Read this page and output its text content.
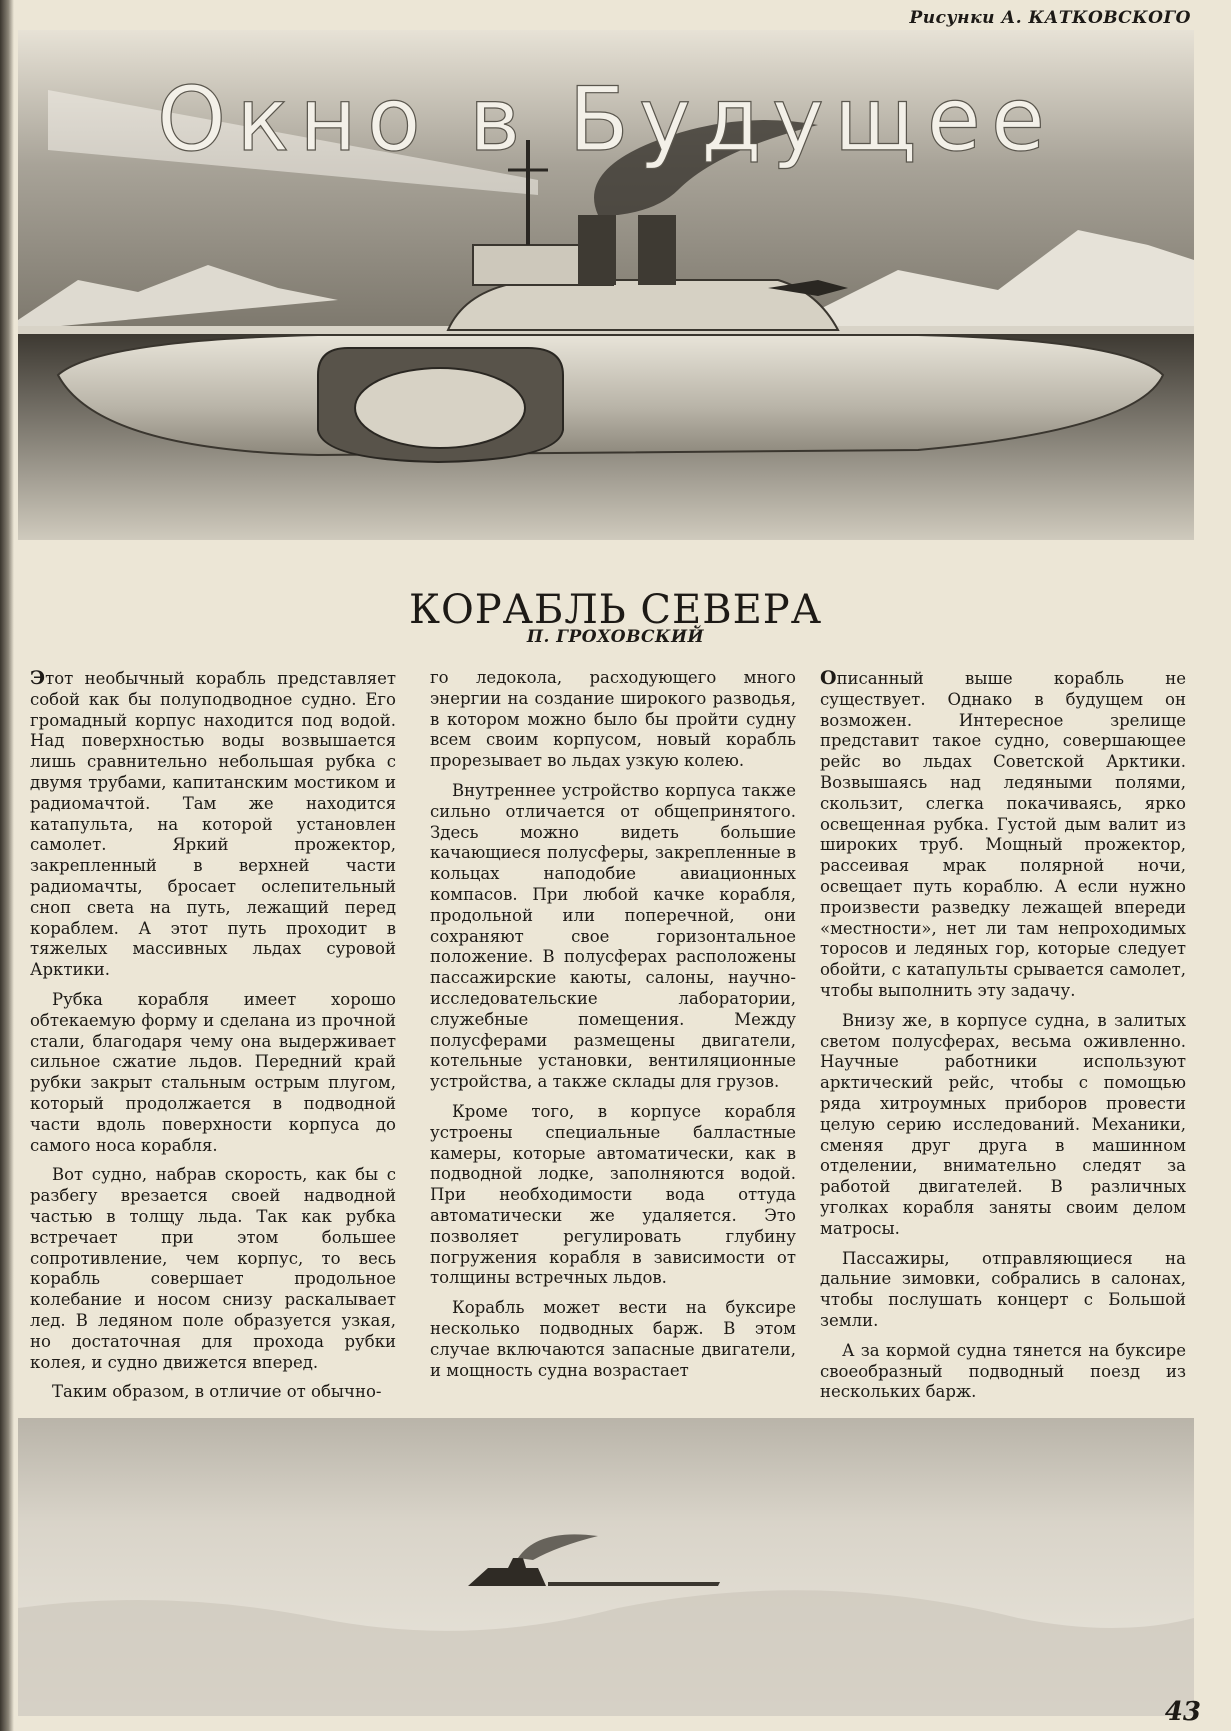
Рисунки А. КАТКОВСКОГО
Окно в Будущее
КОРАБЛЬ СЕВЕРА
П. ГРОХОВСКИЙ

Этот необычный корабль представляет собой как бы полуподводное судно. Его громадный корпус находится под водой. Над поверхностью воды возвышается лишь сравнительно небольшая рубка с двумя трубами, капитанским мостиком и радиомачтой. Там же находится катапульта, на которой установлен самолет. Яркий прожектор, закрепленный в верхней части радиомачты, бросает ослепительный сноп света на путь, лежащий перед кораблем. А этот путь проходит в тяжелых массивных льдах суровой Арктики.

Рубка корабля имеет хорошо обтекаемую форму и сделана из прочной стали, благодаря чему она выдерживает сильное сжатие льдов. Передний край рубки закрыт стальным острым плугом, который продолжается в подводной части вдоль поверхности корпуса до самого носа корабля.

Вот судно, набрав скорость, как бы с разбегу врезается своей надводной частью в толщу льда. Так как рубка встречает при этом большее сопротивление, чем корпус, то весь корабль совершает продольное колебание и носом снизу раскалывает лед. В ледяном поле образуется узкая, но достаточная для прохода рубки колея, и судно движется вперед.

Таким образом, в отличие от обычно-

го ледокола, расходующего много энергии на создание широкого разводья, в котором можно было бы пройти судну всем своим корпусом, новый корабль прорезывает во льдах узкую колею.

Внутреннее устройство корпуса также сильно отличается от общепринятого. Здесь можно видеть большие качающиеся полусферы, закрепленные в кольцах наподобие авиационных компасов. При любой качке корабля, продольной или поперечной, они сохраняют свое горизонтальное положение. В полусферах расположены пассажирские каюты, салоны, научно-исследовательские лаборатории, служебные помещения. Между полусферами размещены двигатели, котельные установки, вентиляционные устройства, а также склады для грузов.

Кроме того, в корпусе корабля устроены специальные балластные камеры, которые автоматически, как в подводной лодке, заполняются водой. При необходимости вода оттуда автоматически же удаляется. Это позволяет регулировать глубину погружения корабля в зависимости от толщины встречных льдов.

Корабль может вести на буксире несколько подводных барж. В этом случае включаются запасные двигатели, и мощность судна возрастает

Описанный выше корабль не существует. Однако в будущем он возможен. Интересное зрелище представит такое судно, совершающее рейс во льдах Советской Арктики. Возвышаясь над ледяными полями, скользит, слегка покачиваясь, ярко освещенная рубка. Густой дым валит из широких труб. Мощный прожектор, рассеивая мрак полярной ночи, освещает путь кораблю. А если нужно произвести разведку лежащей впереди «местности», нет ли там непроходимых торосов и ледяных гор, которые следует обойти, с катапульты срывается самолет, чтобы выполнить эту задачу.

Внизу же, в корпусе судна, в залитых светом полусферах, весьма оживленно. Научные работники используют арктический рейс, чтобы с помощью ряда хитроумных приборов провести целую серию исследований. Механики, сменяя друг друга в машинном отделении, внимательно следят за работой двигателей. В различных уголках корабля заняты своим делом матросы.

Пассажиры, отправляющиеся на дальние зимовки, собрались в салонах, чтобы послушать концерт с Большой земли.

А за кормой судна тянется на буксире своеобразный подводный поезд из нескольких барж.

43
